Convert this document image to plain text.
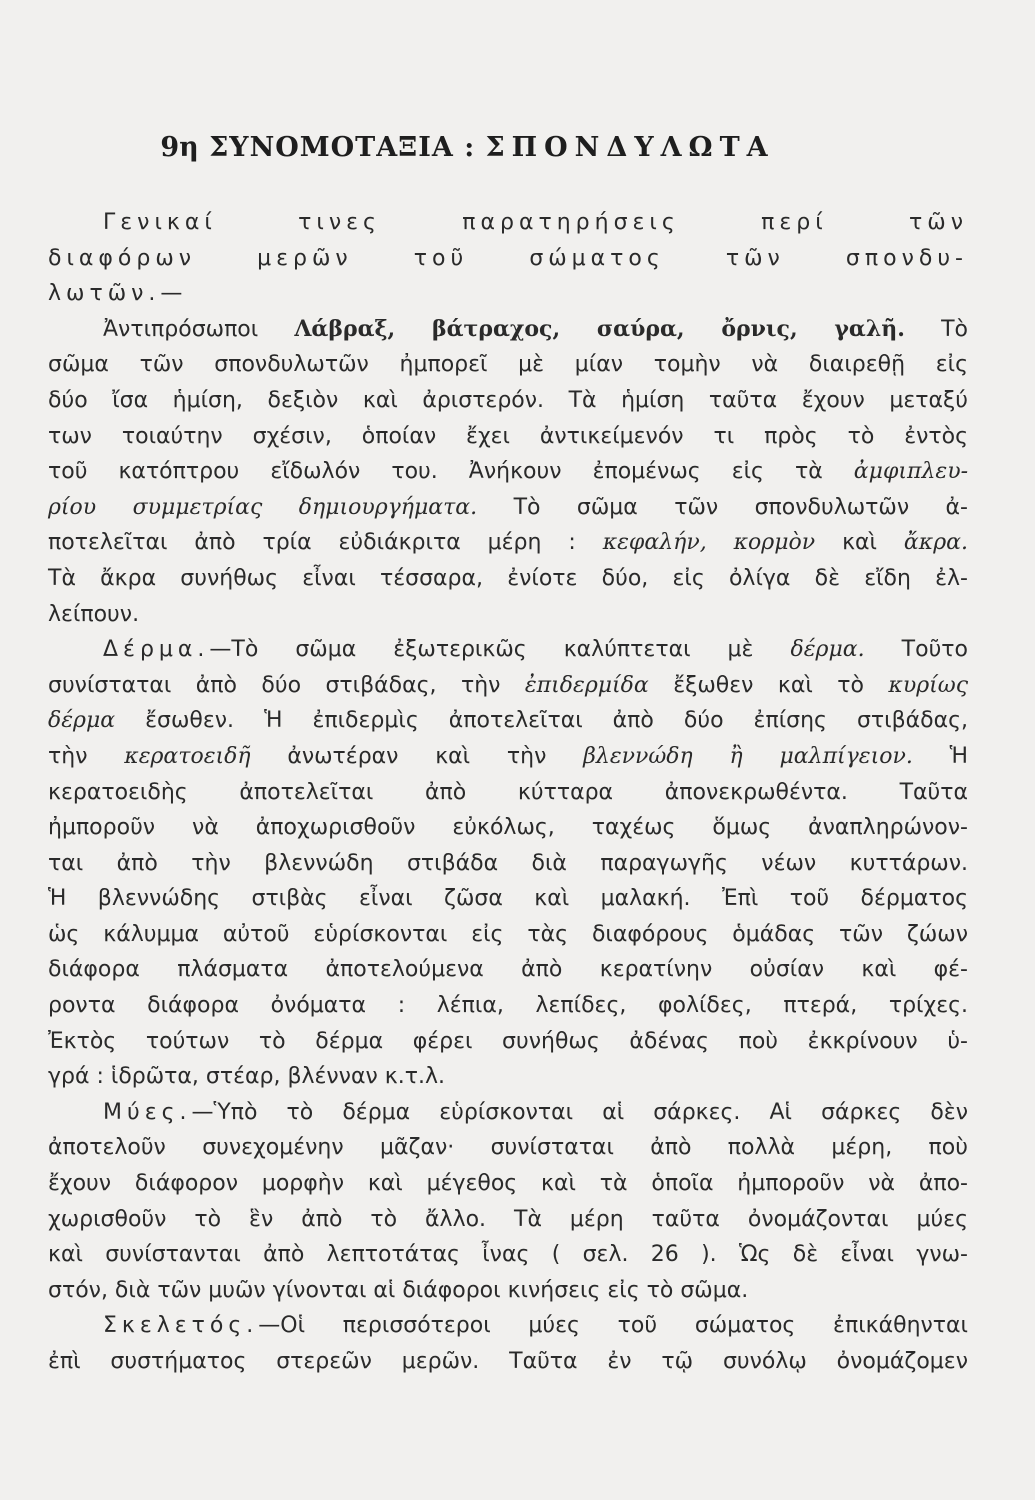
9η ΣΥΝΟΜΟΤΑΞΙΑ : ΣΠΟΝΔΥΛΩΤΑ
Γενικαί τινες παρατηρήσεις περί τῶν
διαφόρων μερῶν τοῦ σώματος τῶν σπονδυ-
λωτῶν.—
Ἀντιπρόσωποι Λάβραξ, βάτραχος, σαύρα, ὄρνις, γαλῆ. Τὸ
σῶμα τῶν σπονδυλωτῶν ἠμπορεῖ μὲ μίαν τομὴν νὰ διαιρεθῇ εἰς
δύο ἴσα ἡμίση, δεξιὸν καὶ ἀριστερόν. Τὰ ἡμίση ταῦτα ἔχουν μεταξύ
των τοιαύτην σχέσιν, ὁποίαν ἔχει ἀντικείμενόν τι πρὸς τὸ ἐντὸς
τοῦ κατόπτρου εἴδωλόν του. Ἀνήκουν ἐπομένως εἰς τὰ ἀμφιπλευ-
ρίου συμμετρίας δημιουργήματα. Τὸ σῶμα τῶν σπονδυλωτῶν ἀ-
ποτελεῖται ἀπὸ τρία εὐδιάκριτα μέρη : κεφαλήν, κορμὸν καὶ ἄκρα.
Τὰ ἄκρα συνήθως εἶναι τέσσαρα, ἐνίοτε δύο, εἰς ὀλίγα δὲ εἴδη ἐλ-
λείπουν.
Δέρμα.—Τὸ σῶμα ἐξωτερικῶς καλύπτεται μὲ δέρμα. Τοῦτο
συνίσταται ἀπὸ δύο στιβάδας, τὴν ἐπιδερμίδα ἔξωθεν καὶ τὸ κυρίως
δέρμα ἔσωθεν. Ἡ ἐπιδερμὶς ἀποτελεῖται ἀπὸ δύο ἐπίσης στιβάδας,
τὴν κερατοειδῆ ἀνωτέραν καὶ τὴν βλεννώδη ἢ μαλπίγειον. Ἡ
κερατοειδὴς ἀποτελεῖται ἀπὸ κύτταρα ἀπονεκρωθέντα. Ταῦτα
ἠμποροῦν νὰ ἀποχωρισθοῦν εὐκόλως, ταχέως ὅμως ἀναπληρώνον-
ται ἀπὸ τὴν βλεννώδη στιβάδα διὰ παραγωγῆς νέων κυττάρων.
Ἡ βλεννώδης στιβὰς εἶναι ζῶσα καὶ μαλακή. Ἐπὶ τοῦ δέρματος
ὡς κάλυμμα αὐτοῦ εὑρίσκονται εἰς τὰς διαφόρους ὁμάδας τῶν ζώων
διάφορα πλάσματα ἀποτελούμενα ἀπὸ κερατίνην οὐσίαν καὶ φέ-
ροντα διάφορα ὀνόματα : λέπια, λεπίδες, φολίδες, πτερά, τρίχες.
Ἐκτὸς τούτων τὸ δέρμα φέρει συνήθως ἀδένας ποὺ ἐκκρίνουν ὑ-
γρά : ἱδρῶτα, στέαρ, βλένναν κ.τ.λ.
Μύες.—Ὑπὸ τὸ δέρμα εὑρίσκονται αἱ σάρκες. Αἱ σάρκες δὲν
ἀποτελοῦν συνεχομένην μᾶζαν· συνίσταται ἀπὸ πολλὰ μέρη, ποὺ
ἔχουν διάφορον μορφὴν καὶ μέγεθος καὶ τὰ ὁποῖα ἠμποροῦν νὰ ἀπο-
χωρισθοῦν τὸ ἓν ἀπὸ τὸ ἄλλο. Τὰ μέρη ταῦτα ὀνομάζονται μύες
καὶ συνίστανται ἀπὸ λεπτοτάτας ἶνας ( σελ. 26 ). Ὡς δὲ εἶναι γνω-
στόν, διὰ τῶν μυῶν γίνονται αἱ διάφοροι κινήσεις εἰς τὸ σῶμα.
Σκελετός.—Οἱ περισσότεροι μύες τοῦ σώματος ἐπικάθηνται
ἐπὶ συστήματος στερεῶν μερῶν. Ταῦτα ἐν τῷ συνόλῳ ὀνομάζομεν
